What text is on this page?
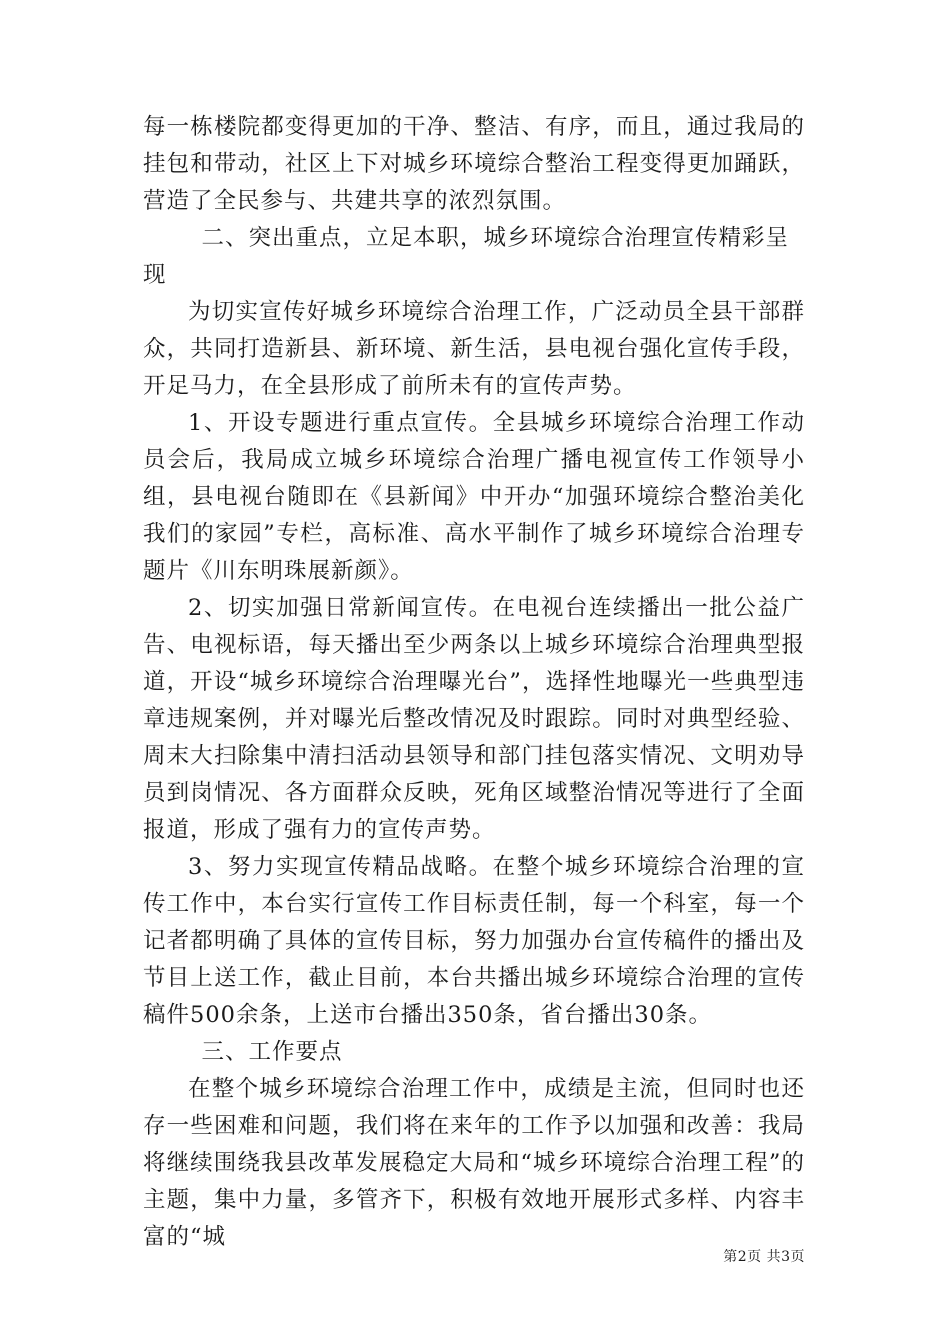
每一栋楼院都变得更加的干净、整洁、有序，而且，通过我局的挂包和带动，社区上下对城乡环境综合整治工程变得更加踊跃，营造了全民参与、共建共享的浓烈氛围。

二、突出重点，立足本职，城乡环境综合治理宣传精彩呈现

为切实宣传好城乡环境综合治理工作，广泛动员全县干部群众，共同打造新县、新环境、新生活，县电视台强化宣传手段，开足马力，在全县形成了前所未有的宣传声势。

1、开设专题进行重点宣传。全县城乡环境综合治理工作动员会后，我局成立城乡环境综合治理广播电视宣传工作领导小组，县电视台随即在《县新闻》中开办“加强环境综合整治美化我们的家园”专栏，高标准、高水平制作了城乡环境综合治理专题片《川东明珠展新颜》。

2、切实加强日常新闻宣传。在电视台连续播出一批公益广告、电视标语，每天播出至少两条以上城乡环境综合治理典型报道，开设“城乡环境综合治理曝光台”，选择性地曝光一些典型违章违规案例，并对曝光后整改情况及时跟踪。同时对典型经验、周末大扫除集中清扫活动县领导和部门挂包落实情况、文明劝导员到岗情况、各方面群众反映，死角区域整治情况等进行了全面报道，形成了强有力的宣传声势。

3、努力实现宣传精品战略。在整个城乡环境综合治理的宣传工作中，本台实行宣传工作目标责任制，每一个科室，每一个记者都明确了具体的宣传目标，努力加强办台宣传稿件的播出及节目上送工作，截止目前，本台共播出城乡环境综合治理的宣传稿件500余条，上送市台播出350条，省台播出30条。

三、工作要点

在整个城乡环境综合治理工作中，成绩是主流，但同时也还存一些困难和问题，我们将在来年的工作予以加强和改善：我局将继续围绕我县改革发展稳定大局和“城乡环境综合治理工程”的主题，集中力量，多管齐下，积极有效地开展形式多样、内容丰富的“城

第2页 共3页
